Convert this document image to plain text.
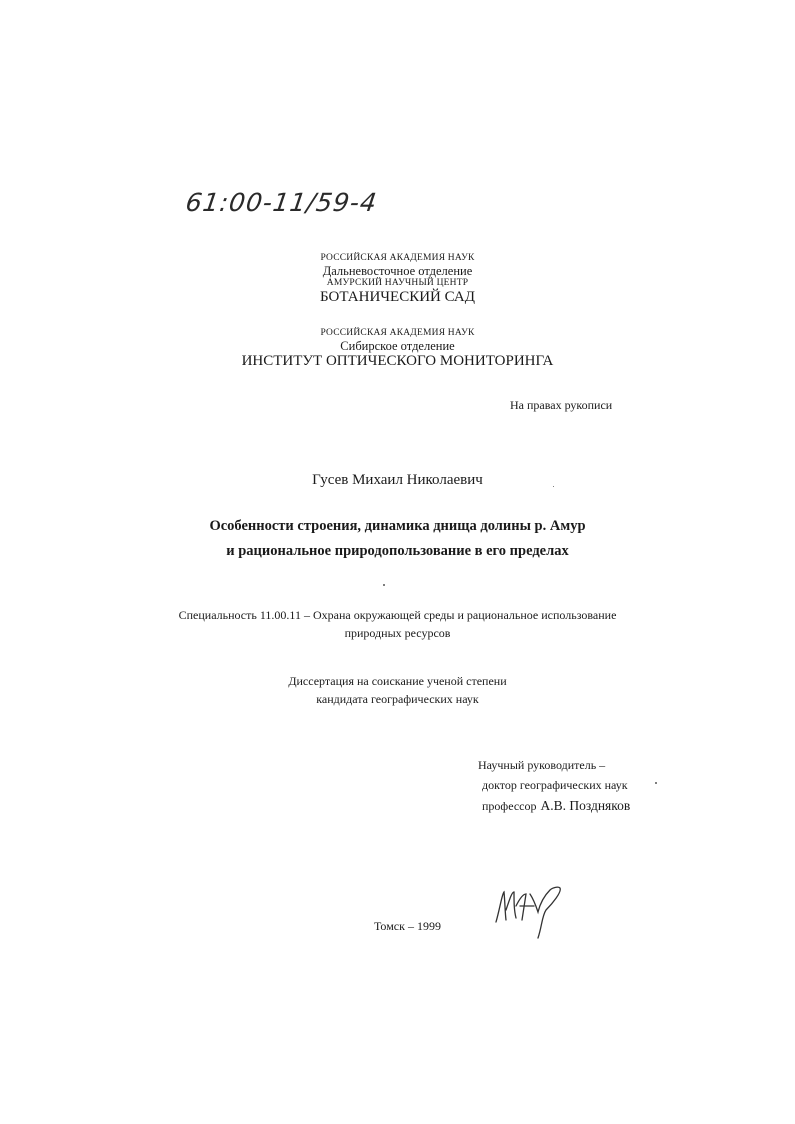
61:00-11/59-4
РОССИЙСКАЯ АКАДЕМИЯ НАУК
Дальневосточное отделение
АМУРСКИЙ НАУЧНЫЙ ЦЕНТР
БОТАНИЧЕСКИЙ САД
РОССИЙСКАЯ АКАДЕМИЯ НАУК
Сибирское отделение
ИНСТИТУТ ОПТИЧЕСКОГО МОНИТОРИНГА
На правах рукописи
Гусев Михаил Николаевич
Особенности строения, динамика днища долины р. Амур
и рациональное природопользование в его пределах
Специальность 11.00.11 – Охрана окружающей среды и рациональное использование
природных ресурсов
Диссертация на соискание ученой степени
кандидата географических наук
Научный руководитель –
доктор географических наук
профессор А.В. Поздняков
Томск – 1999
